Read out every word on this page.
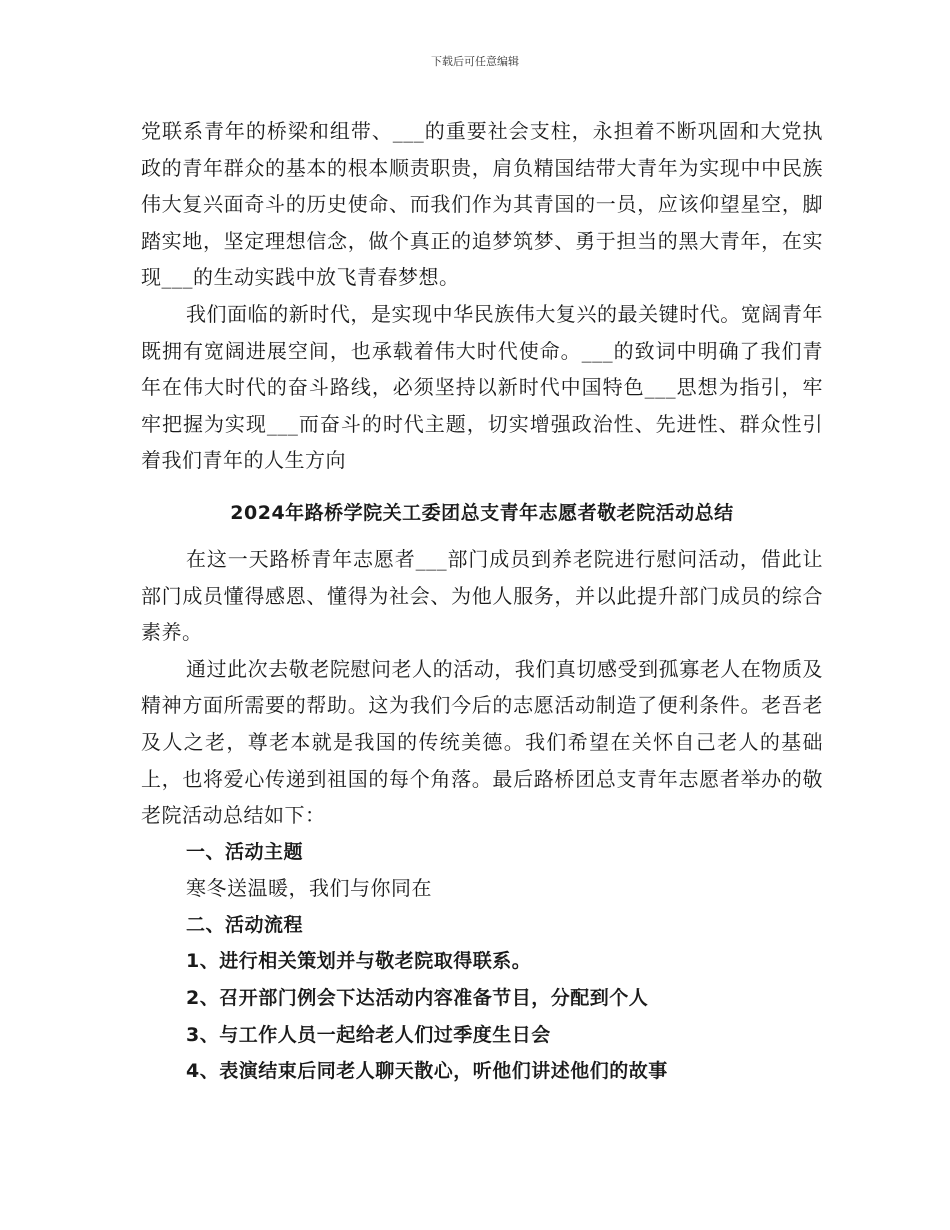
下载后可任意编辑

党联系青年的桥梁和组带、___的重要社会支柱，永担着不断巩固和大党执政的青年群众的基本的根本顺责职贵，肩负精国结带大青年为实现中中民族伟大复兴面奇斗的历史使命、而我们作为其青国的一员，应该仰望星空，脚踏实地，坚定理想信念，做个真正的追梦筑梦、勇于担当的黑大青年，在实现___的生动实践中放飞青春梦想。

我们面临的新时代，是实现中华民族伟大复兴的最关键时代。宽阔青年既拥有宽阔进展空间，也承载着伟大时代使命。___的致词中明确了我们青年在伟大时代的奋斗路线，必须坚持以新时代中国特色___思想为指引，牢牢把握为实现___而奋斗的时代主题，切实增强政治性、先进性、群众性引着我们青年的人生方向

2024年路桥学院关工委团总支青年志愿者敬老院活动总结

在这一天路桥青年志愿者___部门成员到养老院进行慰问活动，借此让部门成员懂得感恩、懂得为社会、为他人服务，并以此提升部门成员的综合素养。

通过此次去敬老院慰问老人的活动，我们真切感受到孤寡老人在物质及精神方面所需要的帮助。这为我们今后的志愿活动制造了便利条件。老吾老及人之老，尊老本就是我国的传统美德。我们希望在关怀自己老人的基础上，也将爱心传递到祖国的每个角落。最后路桥团总支青年志愿者举办的敬老院活动总结如下：

一、活动主题

寒冬送温暖，我们与你同在

二、活动流程

1、进行相关策划并与敬老院取得联系。

2、召开部门例会下达活动内容准备节目，分配到个人

3、与工作人员一起给老人们过季度生日会

4、表演结束后同老人聊天散心，听他们讲述他们的故事
